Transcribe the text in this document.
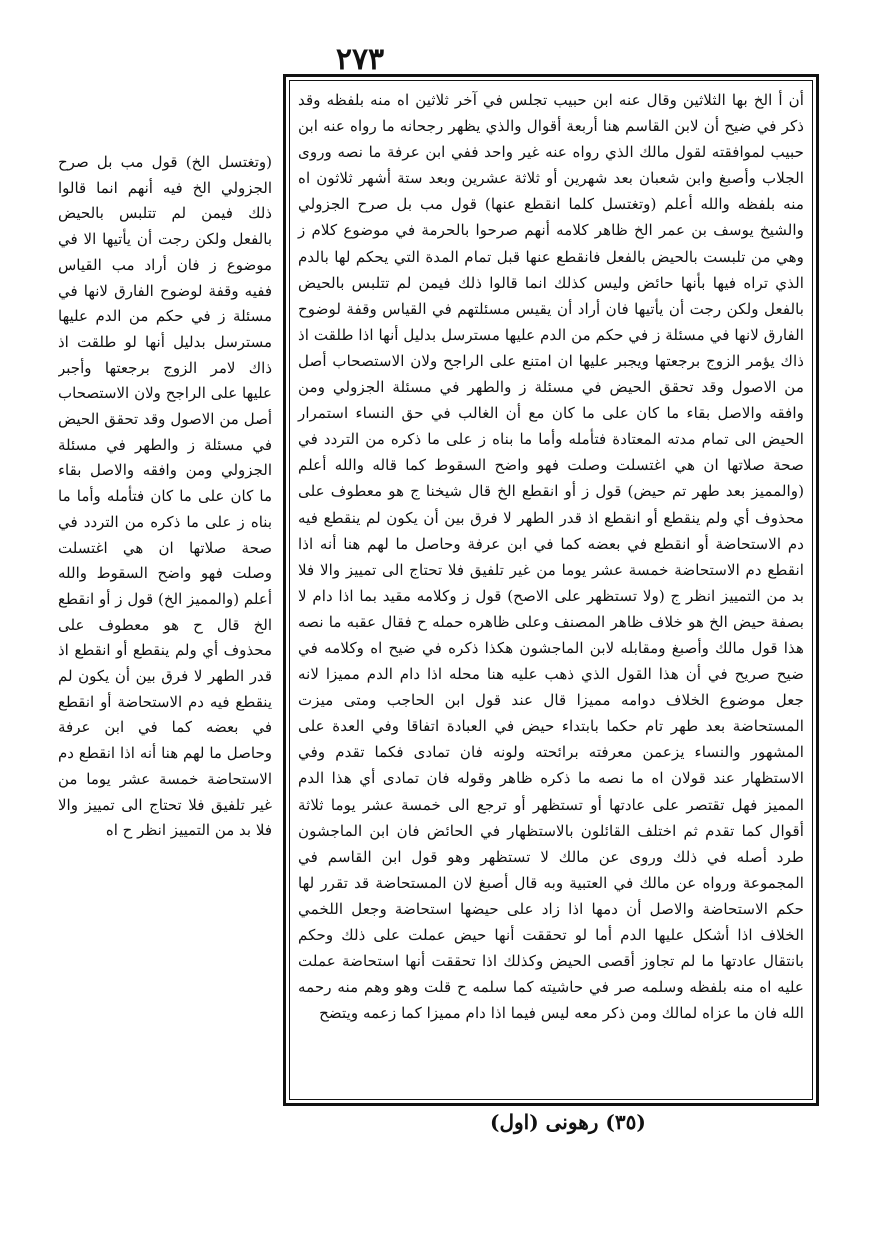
٢٧٣

(وتغتسل الخ) قول مب بل صرح الجزولي الخ فيه أنهم انما قالوا ذلك فيمن لم تتلبس بالحيض بالفعل ولكن رجت أن يأتيها الا في موضوع ز فان أراد مب القياس ففيه وقفة لوضوح الفارق لانها في مسئلة ز في حكم من الدم عليها مسترسل بدليل أنها لو طلقت اذ ذاك لامر الزوج برجعتها وأجبر عليها على الراجح ولان الاستصحاب أصل من الاصول وقد تحقق الحيض في مسئلة ز والطهر في مسئلة الجزولي ومن وافقه والاصل بقاء ما كان على ما كان فتأمله وأما ما بناه ز على ما ذكره من التردد في صحة صلاتها ان هي اغتسلت وصلت فهو واضح السقوط والله أعلم (والمميز الخ) قول ز أو انقطع الخ قال ح هو معطوف على محذوف أي ولم ينقطع أو انقطع اذ قدر الطهر لا فرق بين أن يكون لم ينقطع فيه دم الاستحاضة أو انقطع في بعضه كما في ابن عرفة وحاصل ما لهم هنا أنه اذا انقطع دم الاستحاضة خمسة عشر يوما من غير تلفيق فلا تحتاج الى تمييز والا فلا بد من التمييز انظر ح اه

أن أ الخ بها الثلاثين وقال عنه ابن حبيب تجلس في آخر ثلاثين اه منه بلفظه وقد ذكر في ضيح أن لابن القاسم هنا أربعة أقوال والذي يظهر رجحانه ما رواه عنه ابن حبيب لموافقته لقول مالك الذي رواه عنه غير واحد ففي ابن عرفة ما نصه وروى الجلاب وأصبغ وابن شعبان بعد شهرين أو ثلاثة عشرين وبعد ستة أشهر ثلاثون اه منه بلفظه والله أعلم (وتغتسل كلما انقطع عنها) قول مب بل صرح الجزولي والشيخ يوسف بن عمر الخ ظاهر كلامه أنهم صرحوا بالحرمة في موضوع كلام ز وهي من تلبست بالحيض بالفعل فانقطع عنها قبل تمام المدة التي يحكم لها بالدم الذي تراه فيها بأنها حائض وليس كذلك انما قالوا ذلك فيمن لم تتلبس بالحيض بالفعل ولكن رجت أن يأتيها فان أراد أن يقيس مسئلتهم في القياس وقفة لوضوح الفارق لانها في مسئلة ز في حكم من الدم عليها مسترسل بدليل أنها اذا طلقت اذ ذاك يؤمر الزوج برجعتها ويجبر عليها ان امتنع على الراجح ولان الاستصحاب أصل من الاصول وقد تحقق الحيض في مسئلة ز والطهر في مسئلة الجزولي ومن وافقه والاصل بقاء ما كان على ما كان مع أن الغالب في حق النساء استمرار الحيض الى تمام مدته المعتادة فتأمله وأما ما بناه ز على ما ذكره من التردد في صحة صلاتها ان هي اغتسلت وصلت فهو واضح السقوط كما قاله والله أعلم (والمميز بعد طهر تم حيض) قول ز أو انقطع الخ قال شيخنا ج هو معطوف على محذوف أي ولم ينقطع أو انقطع اذ قدر الطهر لا فرق بين أن يكون لم ينقطع فيه دم الاستحاضة أو انقطع في بعضه كما في ابن عرفة وحاصل ما لهم هنا أنه اذا انقطع دم الاستحاضة خمسة عشر يوما من غير تلفيق فلا تحتاج الى تمييز والا فلا بد من التمييز انظر ج (ولا تستظهر على الاصح) قول ز وكلامه مقيد بما اذا دام لا بصفة حيض الخ هو خلاف ظاهر المصنف وعلى ظاهره حمله ح فقال عقبه ما نصه هذا قول مالك وأصبغ ومقابله لابن الماجشون هكذا ذكره في ضيح اه وكلامه في ضيح صريح في أن هذا القول الذي ذهب عليه هنا محله اذا دام الدم مميزا لانه جعل موضوع الخلاف دوامه مميزا قال عند قول ابن الحاجب ومتى ميزت المستحاضة بعد طهر تام حكما بابتداء حيض في العبادة اتفاقا وفي العدة على المشهور والنساء يزعمن معرفته برائحته ولونه فان تمادى فكما تقدم وفي الاستظهار عند قولان اه ما نصه ما ذكره ظاهر وقوله فان تمادى أي هذا الدم المميز فهل تقتصر على عادتها أو تستظهر أو ترجع الى خمسة عشر يوما ثلاثة أقوال كما تقدم ثم اختلف القائلون بالاستظهار في الحائض فان ابن الماجشون طرد أصله في ذلك وروى عن مالك لا تستظهر وهو قول ابن القاسم في المجموعة ورواه عن مالك في العتبية وبه قال أصبغ لان المستحاضة قد تقرر لها حكم الاستحاضة والاصل أن دمها اذا زاد على حيضها استحاضة وجعل اللخمي الخلاف اذا أشكل عليها الدم أما لو تحققت أنها حيض عملت على ذلك وحكم بانتقال عادتها ما لم تجاوز أقصى الحيض وكذلك اذا تحققت أنها استحاضة عملت عليه اه منه بلفظه وسلمه صر في حاشيته كما سلمه ح قلت وهو وهم منه رحمه الله فان ما عزاه لمالك ومن ذكر معه ليس فيما اذا دام مميزا كما زعمه ويتضح

(٣٥) رهونی (اول)
